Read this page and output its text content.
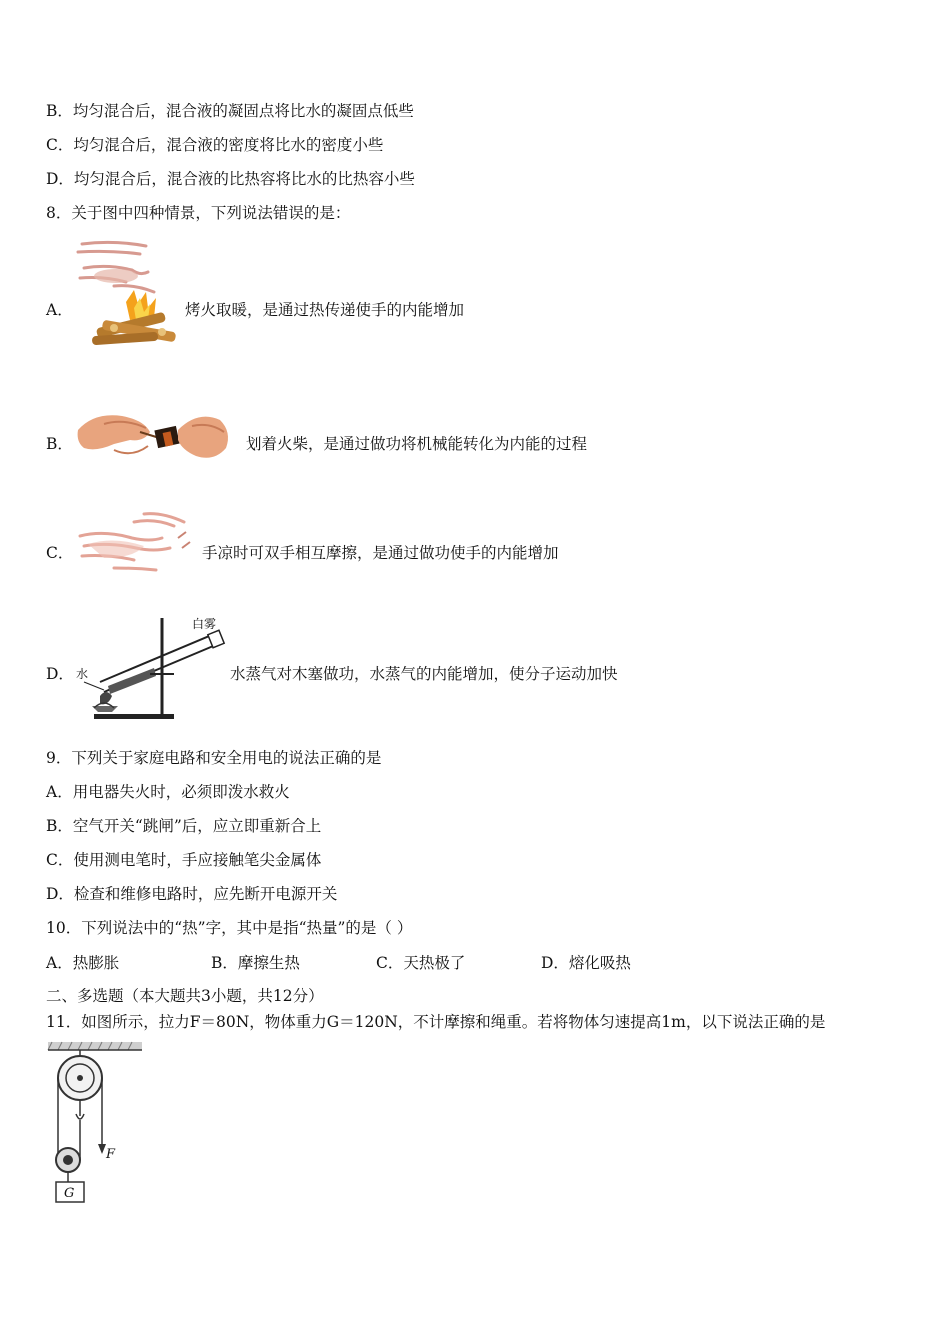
B．均匀混合后，混合液的凝固点将比水的凝固点低些
C．均匀混合后，混合液的密度将比水的密度小些
D．均匀混合后，混合液的比热容将比水的比热容小些
8．关于图中四种情景，下列说法错误的是：
A．	烤火取暖，是通过热传递使手的内能增加
B．	划着火柴，是通过做功将机械能转化为内能的过程
C．	手凉时可双手相互摩擦，是通过做功使手的内能增加
D．
白雾
水	水蒸气对木塞做功，水蒸气的内能增加，使分子运动加快
9．下列关于家庭电路和安全用电的说法正确的是
A．用电器失火时，必须即泼水救火
B．空气开关“跳闸”后，应立即重新合上
C．使用测电笔时，手应接触笔尖金属体
D．检查和维修电路时，应先断开电源开关
10．下列说法中的“热”字，其中是指“热量”的是（ ）
A．热膨胀	B．摩擦生热	C．天热极了	D．熔化吸热
二、多选题（本大题共3小题，共12分）
11．如图所示，拉力F＝80N，物体重力G＝120N，不计摩擦和绳重。若将物体匀速提高1m，以下说法正确的是
G
F
